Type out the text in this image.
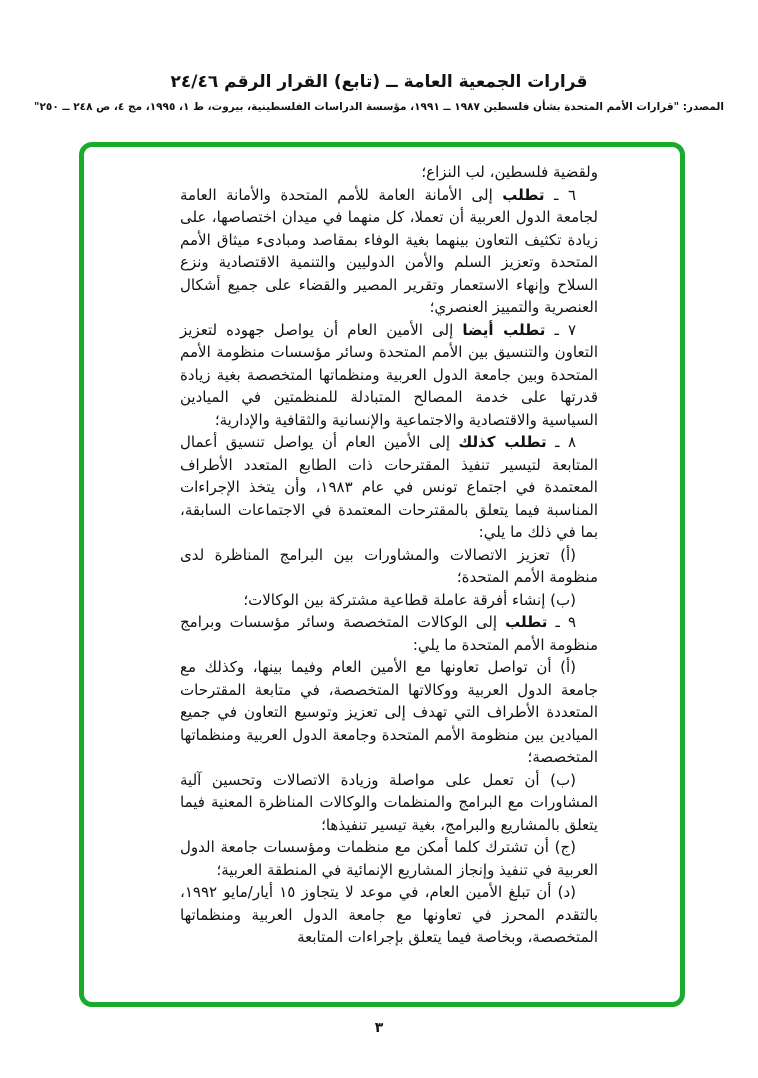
قرارات الجمعية العامة ــ (تابع) القرار الرقم ٢٤/٤٦
المصدر: "قرارات الأمم المتحدة بشأن فلسطين ١٩٨٧ ــ ١٩٩١، مؤسسة الدراسات الفلسطينية، بيروت، ط ١، ١٩٩٥، مج ٤، ص ٢٤٨ ــ ٢٥٠"

ولقضية فلسطين، لب النزاع؛

٦ ـ تطلب إلى الأمانة العامة للأمم المتحدة والأمانة العامة لجامعة الدول العربية أن تعملا، كل منهما في ميدان اختصاصها، على زيادة تكثيف التعاون بينهما بغية الوفاء بمقاصد ومبادىء ميثاق الأمم المتحدة وتعزيز السلم والأمن الدوليين والتنمية الاقتصادية ونزع السلاح وإنهاء الاستعمار وتقرير المصير والقضاء على جميع أشكال العنصرية والتمييز العنصري؛

٧ ـ تطلب أيضا إلى الأمين العام أن يواصل جهوده لتعزيز التعاون والتنسيق بين الأمم المتحدة وسائر مؤسسات منظومة الأمم المتحدة وبين جامعة الدول العربية ومنظماتها المتخصصة بغية زيادة قدرتها على خدمة المصالح المتبادلة للمنظمتين في الميادين السياسية والاقتصادية والاجتماعية والإنسانية والثقافية والإدارية؛

٨ ـ تطلب كذلك إلى الأمين العام أن يواصل تنسيق أعمال المتابعة لتيسير تنفيذ المقترحات ذات الطابع المتعدد الأطراف المعتمدة في اجتماع تونس في عام ١٩٨٣، وأن يتخذ الإجراءات المناسبة فيما يتعلق بالمقترحات المعتمدة في الاجتماعات السابقة، بما في ذلك ما يلي:

(أ) تعزيز الاتصالات والمشاورات بين البرامج المناظرة لدى منظومة الأمم المتحدة؛

(ب) إنشاء أفرقة عاملة قطاعية مشتركة بين الوكالات؛

٩ ـ تطلب إلى الوكالات المتخصصة وسائر مؤسسات وبرامج منظومة الأمم المتحدة ما يلي:

(أ) أن تواصل تعاونها مع الأمين العام وفيما بينها، وكذلك مع جامعة الدول العربية ووكالاتها المتخصصة، في متابعة المقترحات المتعددة الأطراف التي تهدف إلى تعزيز وتوسيع التعاون في جميع الميادين بين منظومة الأمم المتحدة وجامعة الدول العربية ومنظماتها المتخصصة؛

(ب) أن تعمل على مواصلة وزيادة الاتصالات وتحسين آلية المشاورات مع البرامج والمنظمات والوكالات المناظرة المعنية فيما يتعلق بالمشاريع والبرامج، بغية تيسير تنفيذها؛

(ج) أن تشترك كلما أمكن مع منظمات ومؤسسات جامعة الدول العربية في تنفيذ وإنجاز المشاريع الإنمائية في المنطقة العربية؛

(د) أن تبلغ الأمين العام، في موعد لا يتجاوز ١٥ أيار/مايو ١٩٩٢، بالتقدم المحرز في تعاونها مع جامعة الدول العربية ومنظماتها المتخصصة، وبخاصة فيما يتعلق بإجراءات المتابعة

٣
